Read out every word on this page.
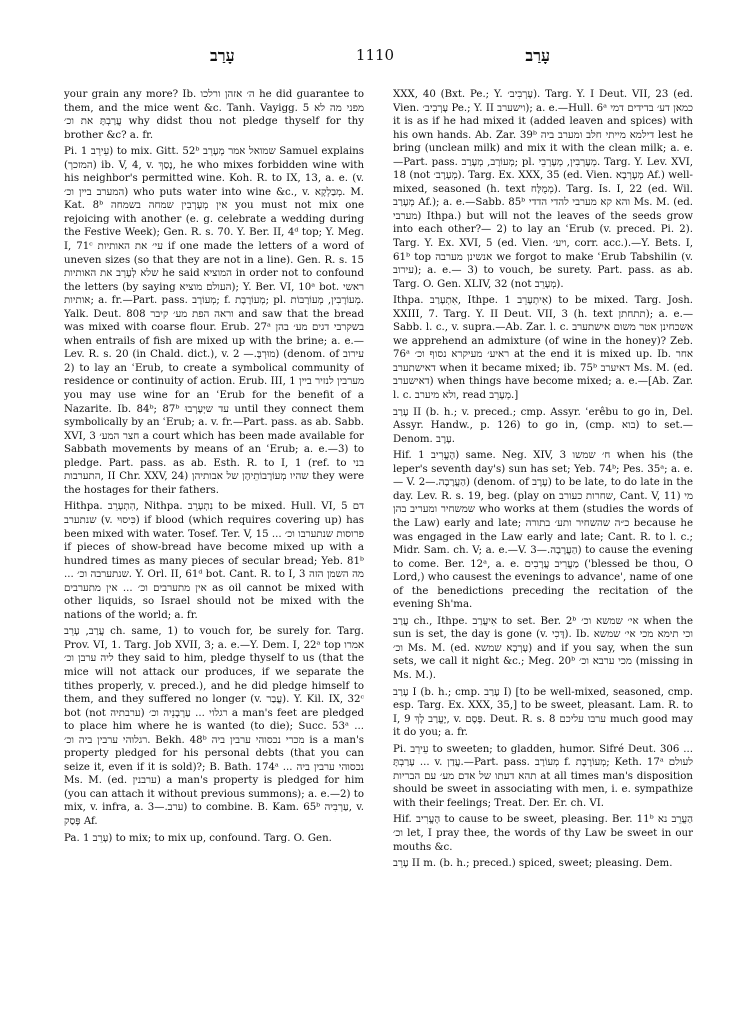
עָרַב	1110	עָרַב

your grain any more? Ib. ה׳ אזהן ורלכו he did guarantee to them, and the mice went &c. Tanh. Vayigg. 5 מפני מה לא עֲרַבְתָּ את וכ׳ why didst thou not pledge thyself for thy brother &c? a. fr.

Pi. עֵירֵב 1) to mix. Gitt. 52ᵇ שמואל אמר מְעָרֵב Samuel explains (המזכך) ib. V, 4, v. נָסַךְ, he who mixes forbidden wine with his neighbor's permitted wine. Koh. R. to IX, 13, a. e. (v. המערב ביין וכ׳) who puts water into wine &c., v. מְבַלְקָא. M. Kat. 8ᵇ אין מְעָרְבִין שמחה בשמחה you must not mix one rejoicing with another (e. g. celebrate a wedding during the Festive Week); Gen. R. s. 70. Y. Ber. II, 4ᵈ top; Y. Meg. I, 71ᶜ עי׳ את האותיות if one made the letters of a word of uneven sizes (so that they are not in a line). Gen. R. s. 15 שלא לְעָרֵב את האותיות he said המוציא in order not to confound the letters (by saying העולם מוציא); Y. Ber. VI, 10ᵃ bot. ראשי אותיות; a. fr.—Part. pass. מְעוֹרָב; f. מְעוֹרֶבֶת; pl. מְעוֹרָבִין, מְעוֹרָבוֹת. Yalk. Deut. 808 וראה הפת מע׳ קיבר and saw that the bread was mixed with coarse flour. Erub. 27ᵃ בשקרבי דגים מע׳ בהן when entrails of fish are mixed up with the brine; a. e.—Lev. R. s. 20 (in Chald. dict.), v. מוּרְבָּ.— 2) (denom. of עירוב 2) to lay an ʿErub, to create a symbolical community of residence or continuity of action. Erub. III, 1 מערבין לנזיר ביין you may use wine for an ʿErub for the benefit of a Nazarite. Ib. 84ᵇ; 87ᵇ עד שיְעָרְבוּ until they connect them symbolically by an ʿErub; a. v. fr.—Part. pass. as ab. Sabb. XVI, 3 חצר המע׳ a court which has been made available for Sabbath movements by means of an ʿErub; a. e.—3) to pledge. Part. pass. as ab. Esth. R. to I, 1 (ref. to בני התערבות, II Chr. XXV, 24) שהיו מְעוֹרָבוֹתֵיהֶן של אבותיהן they were the hostages for their fathers.

Hithpa. הִתְעָרֵב, Nithpa. נִתְעָרֵב to be mixed. Hull. VI, 5 דם שנתערב (v. כִּיסוּי) if blood (which requires covering up) has been mixed with water. Tosef. Ter. V, 15 ... פרוסות שנתערבו וכ׳ if pieces of show-bread have become mixed up with a hundred times as many pieces of secular bread; Yeb. 81ᵇ ... שנתערבה וכ׳. Y. Orl. II, 61ᵈ bot. Cant. R. to I, 3 מה השמן הזה אין מתערבים וכ׳ ... אין מתערבים as oil cannot be mixed with other liquids, so Israel should not be mixed with the nations of the world; a. fr.

עֲרַב, עָרֵב ch. same, 1) to vouch for, be surely for. Targ. Prov. VI, 1. Targ. Job XVII, 3; a. e.—Y. Dem. I, 22ᵃ top אמרו ליה ערבן וכ׳ they said to him, pledge thyself to us (that the mice will not attack our produces, if we separate the tithes properly, v. preced.), and he did pledge himself to them, and they suffered no longer (v. עֲבַר). Y. Kil. IX, 32ᶜ bot (not ערבתיה) רגלוי ... עַרְבָנֵיה וכ׳ a man's feet are pledged to place him where he is wanted (to die); Succ. 53ᵃ ... רגלוהי ערבין ביה וכ׳. Bekh. 48ᵇ מכרי נכסוהי ערבין ביה is a man's property pledged for his personal debts (that you can seize it, even if it is sold)?; B. Bath. 174ᵃ ... נכסוהי ערבין ביה Ms. M. (ed. ערבנין) a man's property is pledged for him (you can attach it without previous summons); a. e.—2) to mix, v. infra, a. ערב.—3) to combine. B. Kam. 65ᵇ עַרְבִיה, v. פָּסַק Af.

Pa. עָרֵב 1) to mix; to mix up, confound. Targ. O. Gen.

XXX, 40 (Bxt. Pe.; Y. עָרְבִיב׳). Targ. Y. I Deut. VII, 23 (ed. Vien. עָרְבִיב׳ Pe.; Y. II וישערב); a. e.—Hull. 6ᵃ כמאן דע׳ בדידים דמי it is as if he had mixed it (added leaven and spices) with his own hands. Ab. Zar. 39ᵇ דילמא מייתי חלב ומערב ביה lest he bring (unclean milk) and mix it with the clean milk; a. e.—Part. pass. מְעוֹרָב, מְעָרַב; pl. מְעָרְבִין, מְעָרְבֵי. Targ. Y. Lev. XVI, 18 (not מְעָרָב׳). Targ. Ex. XXX, 35 (ed. Vien. מְעָרְבָא Af.) well-mixed, seasoned (h. text מְמֻלָּח). Targ. Is. I, 22 (ed. Wil. מְעָרַב Af.); a. e.—Sabb. 85ᵇ והא קא מערבי להדי הדדי Ms. M. (ed. מערבי) Ithpa.) but will not the leaves of the seeds grow into each other?— 2) to lay an ʿErub (v. preced. Pi. 2). Targ. Y. Ex. XVI, 5 (ed. Vien. ויע׳, corr. acc.).—Y. Bets. I, 61ᵇ top אנשינן מערבה we forgot to make ʿErub Tabshilin (v. עירוב); a. e.— 3) to vouch, be surety. Part. pass. as ab. Targ. O. Gen. XLIV, 32 (not מְעָרֵב).

Ithpa. אִתְעָרַב, Ithpe. אִיתְעָרֵב 1) to be mixed. Targ. Josh. XXIII, 7. Targ. Y. II Deut. VII, 3 (h. text תתחתן); a. e.— Sabb. l. c., v. supra.—Ab. Zar. l. c. אשכחינן אטר משום אישתערב we apprehend an admixture (of wine in the honey)? Zeb. 76ᵃ ראיע׳ מעיקרא נסוף וכ׳ at the end it is mixed up. Ib. אחר דאישתערב when it became mixed; ib. 75ᵇ דאיערב Ms. M. (ed. דאישערב) when things have become mixed; a. e.—[Ab. Zar. l. c. ולא מיערב, read מְעָרֵב.]

עָרַב II (b. h.; v. preced.; cmp. Assyr. ʿerêbu to go in, Del. Assyr. Handw., p. 126) to go in, (cmp. בוא) to set.— Denom. עָרֶב.

Hif. הֶעֱרִיב 1) same. Neg. XIV, 3 ח׳ שמשו when his (the leper's seventh day's) sun has set; Yeb. 74ᵇ; Pes. 35ᵃ; a. e.— V. הַעֲרָבָה.—2) (denom. of עֶרֶב) to be late, to do late in the day. Lev. R. s. 19, beg. (play on שחרות כעורב, Cant. V, 11) מי שמשחיר ומעריב בהן who works at them (studies the words of the Law) early and late; כ״ה שהשחיר ותע׳ בתורה because he was engaged in the Law early and late; Cant. R. to l. c.; Midr. Sam. ch. V; a. e.—V. הַעֲרָבָה.—3) to cause the evening to come. Ber. 12ᵃ, a. e. מַעֲרִיב עֲרָבִים ('blessed be thou, O Lord,) who causest the evenings to advance', name of one of the benedictions preceding the recitation of the evening Sh'ma.

עֲרַב ch., Ithpe. אִיעֲרַב to set. Ber. 2ᵇ אי׳ שמשא וכ׳ when the sun is set, the day is gone (v. דָּכִי). Ib. וכי תימא מכי אי׳ שמשא וכ׳ Ms. M. (ed. עָרְבָא שמשא) and if you say, when the sun sets, we call it night &c.; Meg. 20ᵇ מכי ערבא וכ׳ (missing in Ms. M.).

עָרַב I (b. h.; cmp. עָרַב I) [to be well-mixed, seasoned, cmp. esp. Targ. Ex. XXX, 35,] to be sweet, pleasant. Lam. R. to I, 9 יֶעֱרַב לָךְ, v. פֶּסֶם. Deut. R. s. 8 ערבו עליכם much good may it do you; a. fr.

Pi. עֵירֵב to sweeten; to gladden, humor. Sifré Deut. 306 ... עָרַבְתָּ ... v. עֲדַן.—Part. pass. מְעוֹרָב f. מְעוֹרֶבֶת; Keth. 17ᵃ לעולם תהא דעתו של אדם מע׳ עם הבריות at all times man's disposition should be sweet in associating with men, i. e. sympathize with their feelings; Treat. Der. Er. ch. VI.

Hif. הֶעֱרִיב to cause to be sweet, pleasing. Ber. 11ᵇ הַעֲרֵב נא וכ׳ let, I pray thee, the words of thy Law be sweet in our mouths &c.

עָרֵב II m. (b. h.; preced.) spiced, sweet; pleasing. Dem.
